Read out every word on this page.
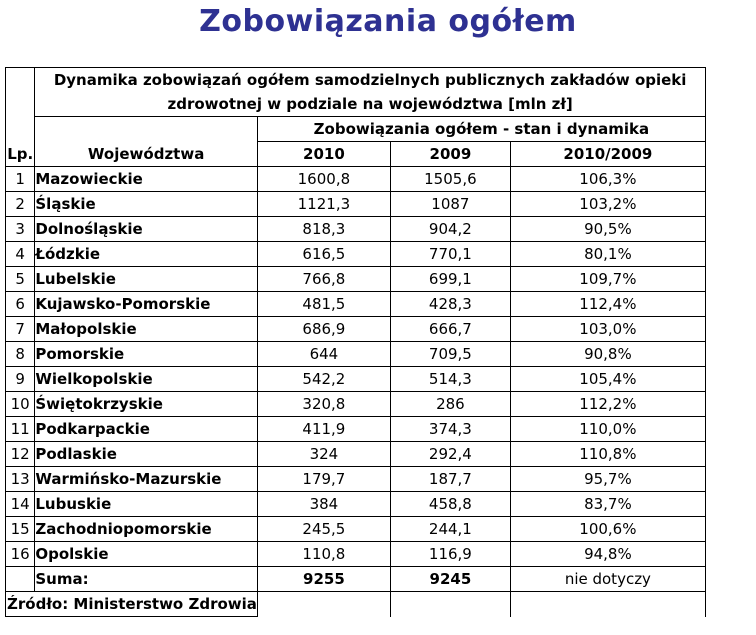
Zobowiązania ogółem
	Dynamika zobowiązań ogółem samodzielnych publicznych zakładów opieki			
	zdrowotnej w podziale na województwa [mln zł]			
		Zobowiązania ogółem - stan i dynamika		
Lp.	Województwa	2010	2009	2010/2009
1	Mazowieckie	1600,8	1505,6	106,3%
2	Śląskie	1121,3	1087	103,2%
3	Dolnośląskie	818,3	904,2	90,5%
4	Łódzkie	616,5	770,1	80,1%
5	Lubelskie	766,8	699,1	109,7%
6	Kujawsko-Pomorskie	481,5	428,3	112,4%
7	Małopolskie	686,9	666,7	103,0%
8	Pomorskie	644	709,5	90,8%
9	Wielkopolskie	542,2	514,3	105,4%
10	Świętokrzyskie	320,8	286	112,2%
11	Podkarpackie	411,9	374,3	110,0%
12	Podlaskie	324	292,4	110,8%
13	Warmińsko-Mazurskie	179,7	187,7	95,7%
14	Lubuskie	384	458,8	83,7%
15	Zachodniopomorskie	245,5	244,1	100,6%
16	Opolskie	110,8	116,9	94,8%
	Suma:	9255	9245	nie dotyczy
Źródło: Ministerstwo Zdrowia				
